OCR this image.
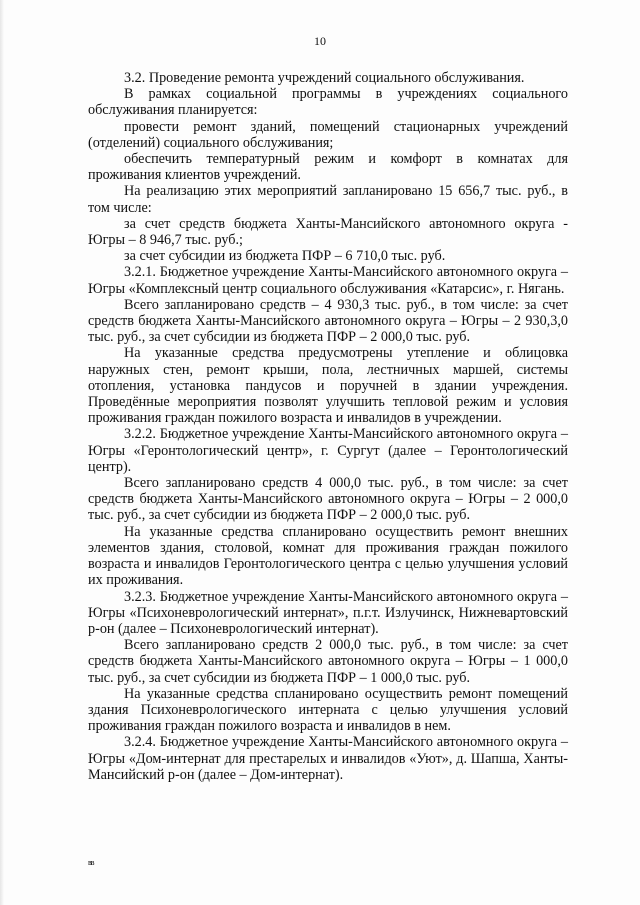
10

3.2. Проведение ремонта учреждений социального обслуживания.

В рамках социальной программы в учреждениях социального обслуживания планируется:

провести ремонт зданий, помещений стационарных учреждений (отделений) социального обслуживания;

обеспечить температурный режим и комфорт в комнатах для проживания клиентов учреждений.

На реализацию этих мероприятий запланировано 15 656,7 тыс. руб., в том числе:

за счет средств бюджета Ханты-Мансийского автономного округа - Югры – 8 946,7 тыс. руб.;

за счет субсидии из бюджета ПФР – 6 710,0 тыс. руб.

3.2.1. Бюджетное учреждение Ханты-Мансийского автономного округа – Югры «Комплексный центр социального обслуживания «Катарсис», г. Нягань.

Всего запланировано средств – 4 930,3 тыс. руб., в том числе: за счет средств бюджета Ханты-Мансийского автономного округа – Югры – 2 930,3,0 тыс. руб., за счет субсидии из бюджета ПФР – 2 000,0 тыс. руб.

На указанные средства предусмотрены утепление и облицовка наружных стен, ремонт крыши, пола, лестничных маршей, системы отопления, установка пандусов и поручней в здании учреждения. Проведённые мероприятия позволят улучшить тепловой режим и условия проживания граждан пожилого возраста и инвалидов в учреждении.

3.2.2. Бюджетное учреждение Ханты-Мансийского автономного округа – Югры «Геронтологический центр», г. Сургут (далее – Геронтологический центр).

Всего запланировано средств 4 000,0 тыс. руб., в том числе: за счет средств бюджета Ханты-Мансийского автономного округа – Югры – 2 000,0 тыс. руб., за счет субсидии из бюджета ПФР – 2 000,0 тыс. руб.

На указанные средства спланировано осуществить ремонт внешних элементов здания, столовой, комнат для проживания граждан пожилого возраста и инвалидов Геронтологического центра с целью улучшения условий их проживания.

3.2.3. Бюджетное учреждение Ханты-Мансийского автономного округа – Югры «Психоневрологический интернат», п.г.т. Излучинск, Нижневартовский р-он (далее – Психоневрологический интернат).

Всего запланировано средств 2 000,0 тыс. руб., в том числе: за счет средств бюджета Ханты-Мансийского автономного округа – Югры – 1 000,0 тыс. руб., за счет субсидии из бюджета ПФР – 1 000,0 тыс. руб.

На указанные средства спланировано осуществить ремонт помещений здания Психоневрологического интерната с целью улучшения условий проживания граждан пожилого возраста и инвалидов в нем.

3.2.4. Бюджетное учреждение Ханты-Мансийского автономного округа – Югры «Дом-интернат для престарелых и инвалидов «Уют», д. Шапша, Ханты-Мансийский р-он (далее – Дом-интернат).

вв
